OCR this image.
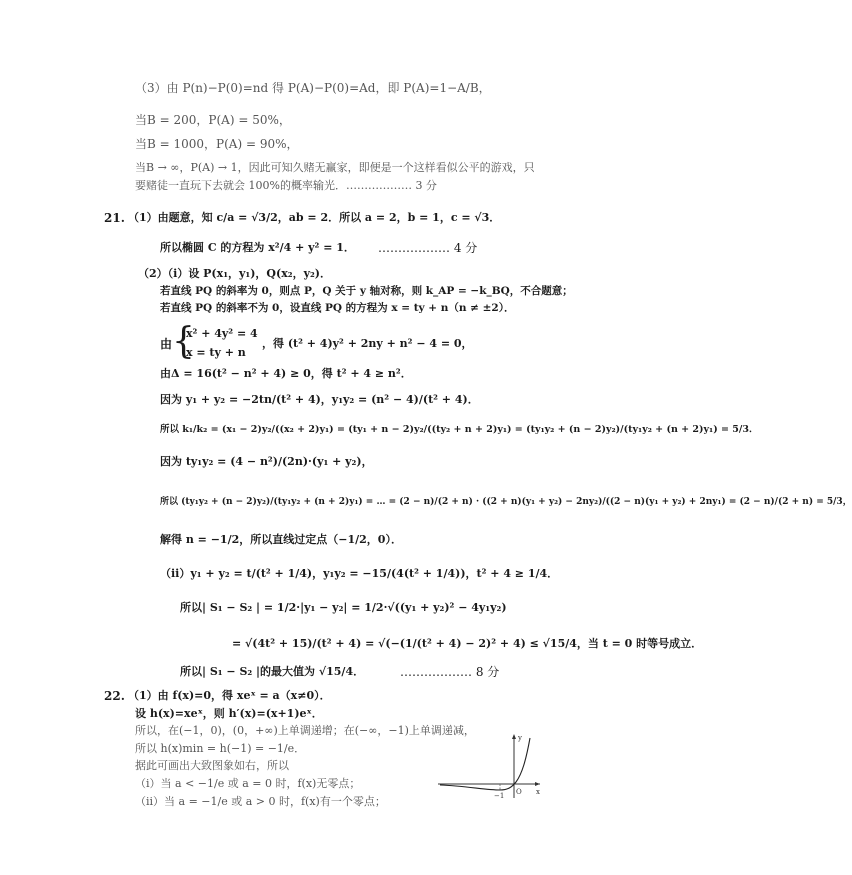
（3）由 P(n)−P(0)=nd 得 P(A)−P(0)=Ad，即 P(A)=1−A/B，
当B = 200，P(A) = 50%，
当B = 1000，P(A) = 90%，
当B → ∞，P(A) → 1，因此可知久赌无赢家，即便是一个这样看似公平的游戏，只
要赌徒一直玩下去就会 100%的概率输光．……………… 3 分
21. （1）由题意，知 c/a = √3/2，ab = 2．所以 a = 2，b = 1，c = √3．
所以椭圆 C 的方程为 x²/4 + y² = 1． ……………… 4 分
（2）（i）设 P(x₁，y₁)，Q(x₂，y₂)．
若直线 PQ 的斜率为 0，则点 P，Q 关于 y 轴对称，则 k_AP = −k_BQ，不合题意；
若直线 PQ 的斜率不为 0，设直线 PQ 的方程为 x = ty + n（n ≠ ±2）．
由 {
x² + 4y² = 4
x = ty + n
，得 (t² + 4)y² + 2ny + n² − 4 = 0，
由Δ = 16(t² − n² + 4) ≥ 0，得 t² + 4 ≥ n²．
因为 y₁ + y₂ = −2tn/(t² + 4)，y₁y₂ = (n² − 4)/(t² + 4)．
所以 k₁/k₂ = (x₁ − 2)y₂/((x₂ + 2)y₁) = (ty₁ + n − 2)y₂/((ty₂ + n + 2)y₁) = (ty₁y₂ + (n − 2)y₂)/(ty₁y₂ + (n + 2)y₁) = 5/3．
因为 ty₁y₂ = (4 − n²)/(2n)·(y₁ + y₂)，
所以 (ty₁y₂ + (n − 2)y₂)/(ty₁y₂ + (n + 2)y₁) = … = (2 − n)/(2 + n) · ((2 + n)(y₁ + y₂) − 2ny₂)/((2 − n)(y₁ + y₂) + 2ny₁) = (2 − n)/(2 + n) = 5/3，
解得 n = −1/2，所以直线过定点（−1/2，0）．
（ii）y₁ + y₂ = t/(t² + 1/4)，y₁y₂ = −15/(4(t² + 1/4))，t² + 4 ≥ 1/4．
所以| S₁ − S₂ | = 1/2·|y₁ − y₂| = 1/2·√((y₁ + y₂)² − 4y₁y₂)
= √(4t² + 15)/(t² + 4) = √(−(1/(t² + 4) − 2)² + 4) ≤ √15/4，当 t = 0 时等号成立．
所以| S₁ − S₂ |的最大值为 √15/4．	……………… 8 分
22. （1）由 f(x)=0，得 xeˣ = a（x≠0）．
设 h(x)=xeˣ，则 h′(x)=(x+1)eˣ．
所以，在(−1，0)，(0，+∞)上单调递增；在(−∞，−1)上单调递减，
所以 h(x)min = h(−1) = −1/e．
据此可画出大致图象如右，所以
（ⅰ）当 a < −1/e 或 a = 0 时，f(x)无零点；
（ⅱ）当 a = −1/e 或 a > 0 时，f(x)有一个零点；	−1 O x
y
